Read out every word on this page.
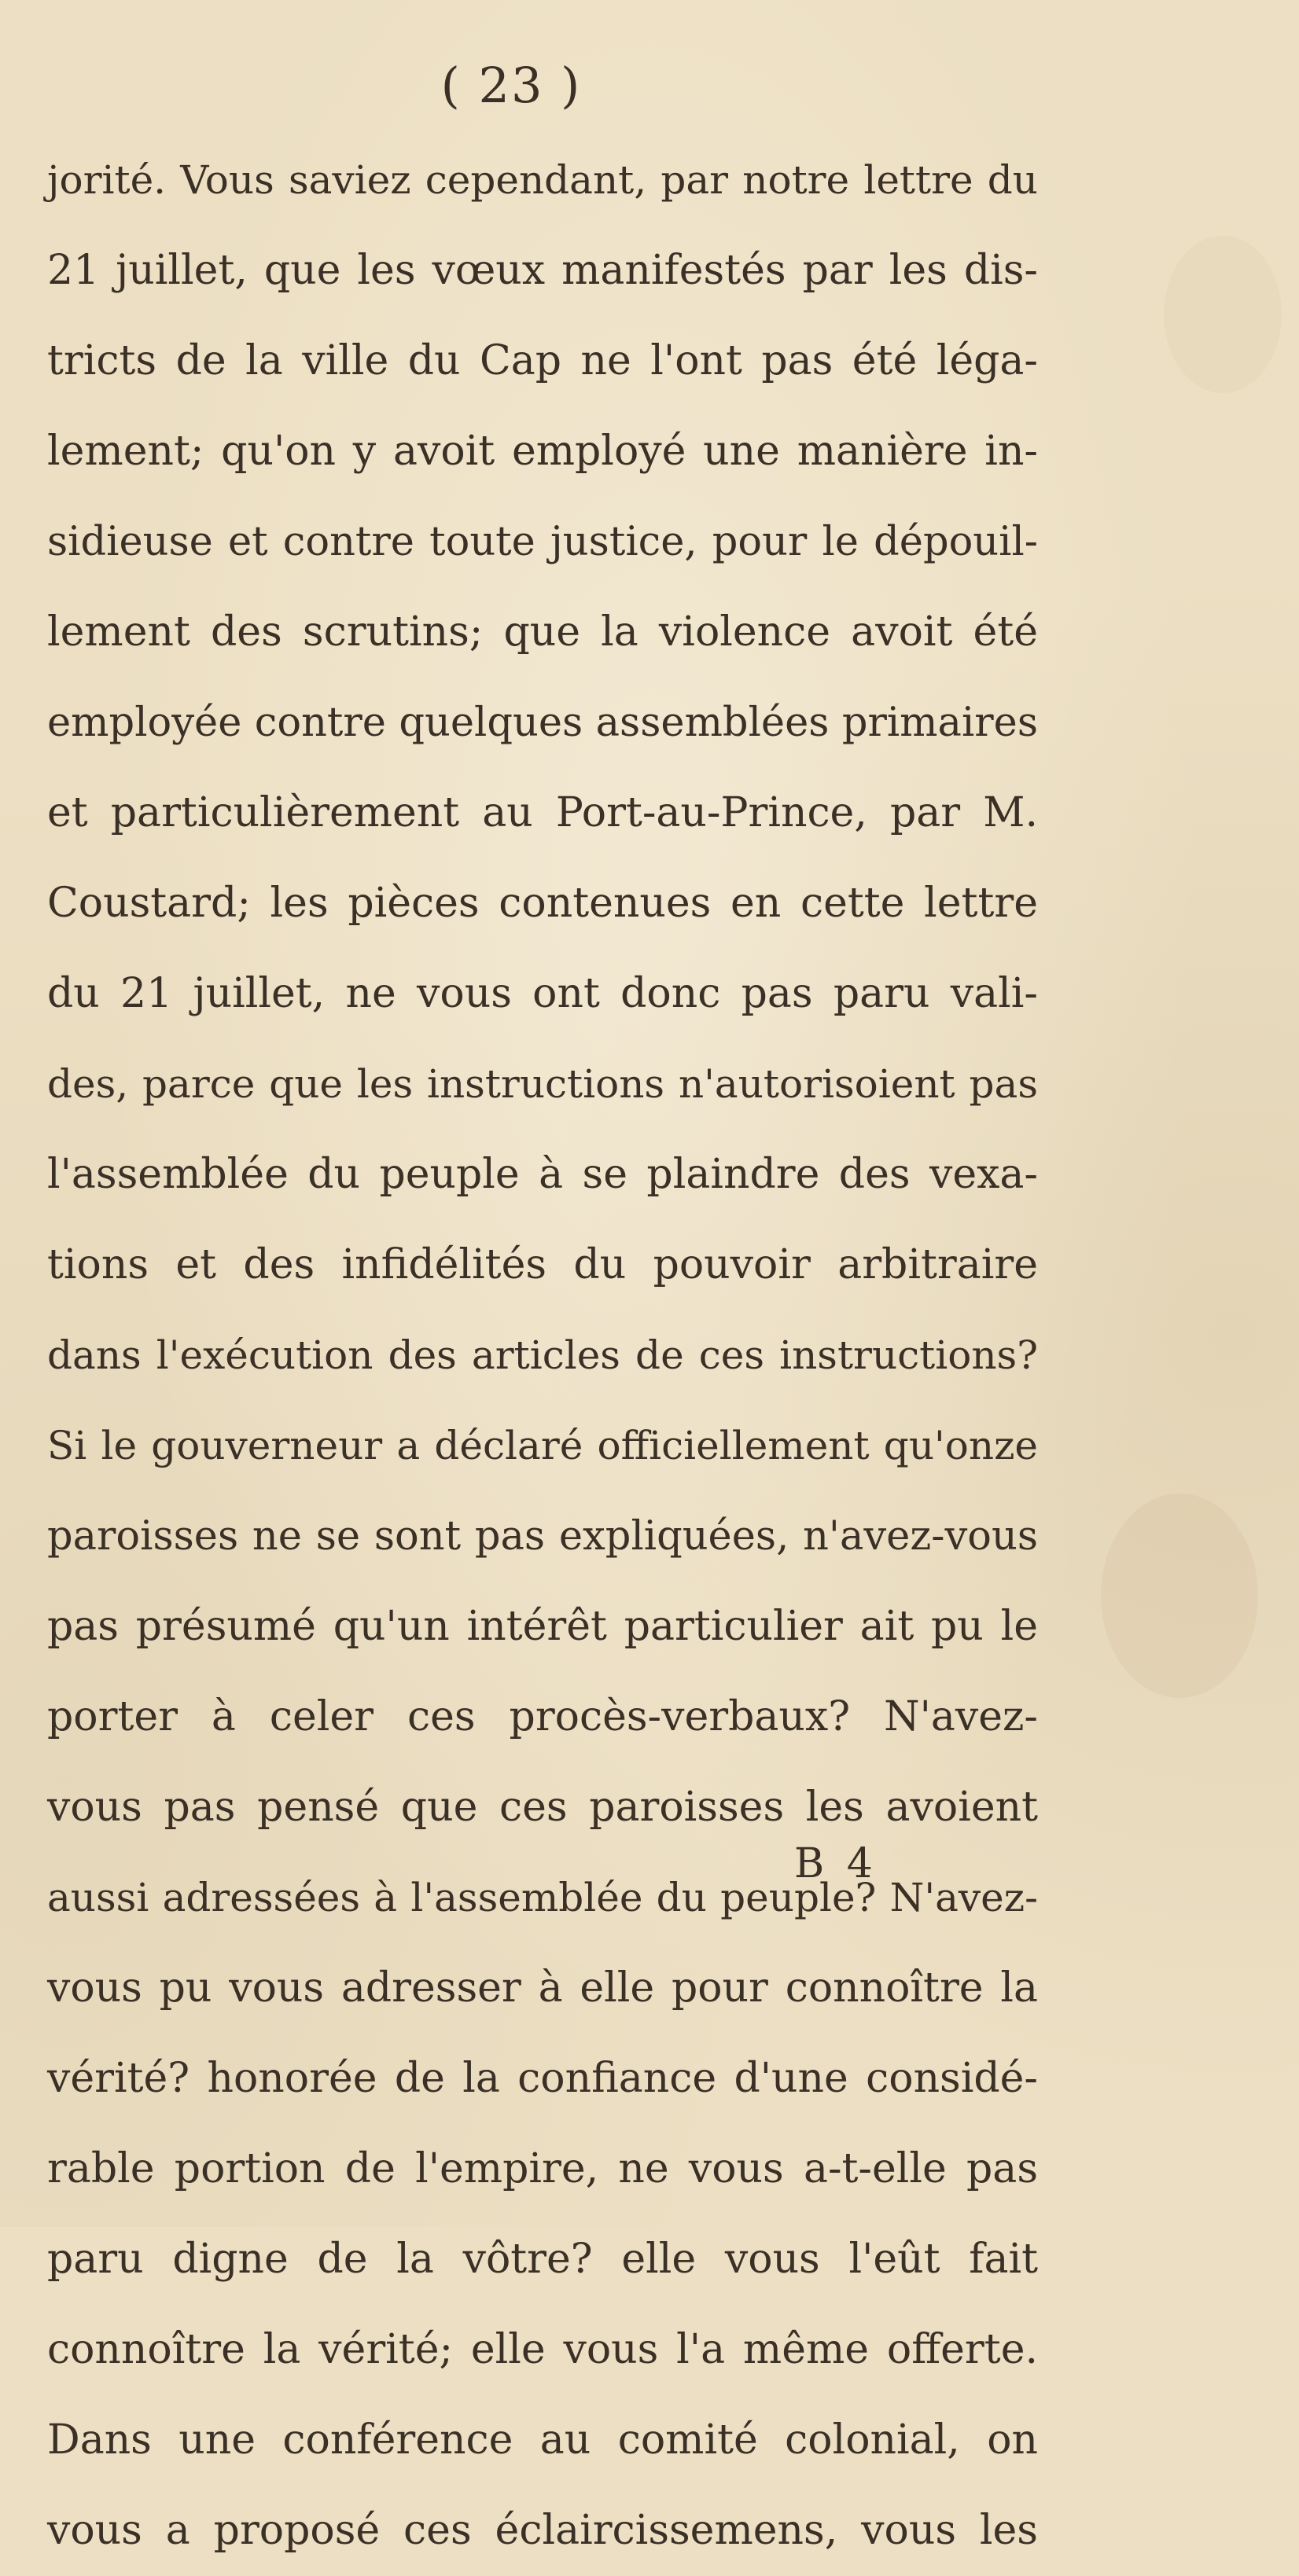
( 23 )
jorité. Vous saviez cependant, par notre lettre du
21 juillet, que les vœux manifestés par les dis-
tricts de la ville du Cap ne l'ont pas été léga-
lement; qu'on y avoit employé une manière in-
sidieuse et contre toute justice, pour le dépouil-
lement des scrutins; que la violence avoit été
employée contre quelques assemblées primaires
et particulièrement au Port-au-Prince, par M.
Coustard; les pièces contenues en cette lettre
du 21 juillet, ne vous ont donc pas paru vali-
des, parce que les instructions n'autorisoient pas
l'assemblée du peuple à se plaindre des vexa-
tions et des infidélités du pouvoir arbitraire
dans l'exécution des articles de ces instructions?
Si le gouverneur a déclaré officiellement qu'onze
paroisses ne se sont pas expliquées, n'avez-vous
pas présumé qu'un intérêt particulier ait pu le
porter à celer ces procès-verbaux? N'avez-
vous pas pensé que ces paroisses les avoient
aussi adressées à l'assemblée du peuple? N'avez-
vous pu vous adresser à elle pour connoître la
vérité? honorée de la confiance d'une considé-
rable portion de l'empire, ne vous a-t-elle pas
paru digne de la vôtre? elle vous l'eût fait
connoître la vérité; elle vous l'a même offerte.
Dans une conférence au comité colonial, on
vous a proposé ces éclaircissemens, vous les
B 4
